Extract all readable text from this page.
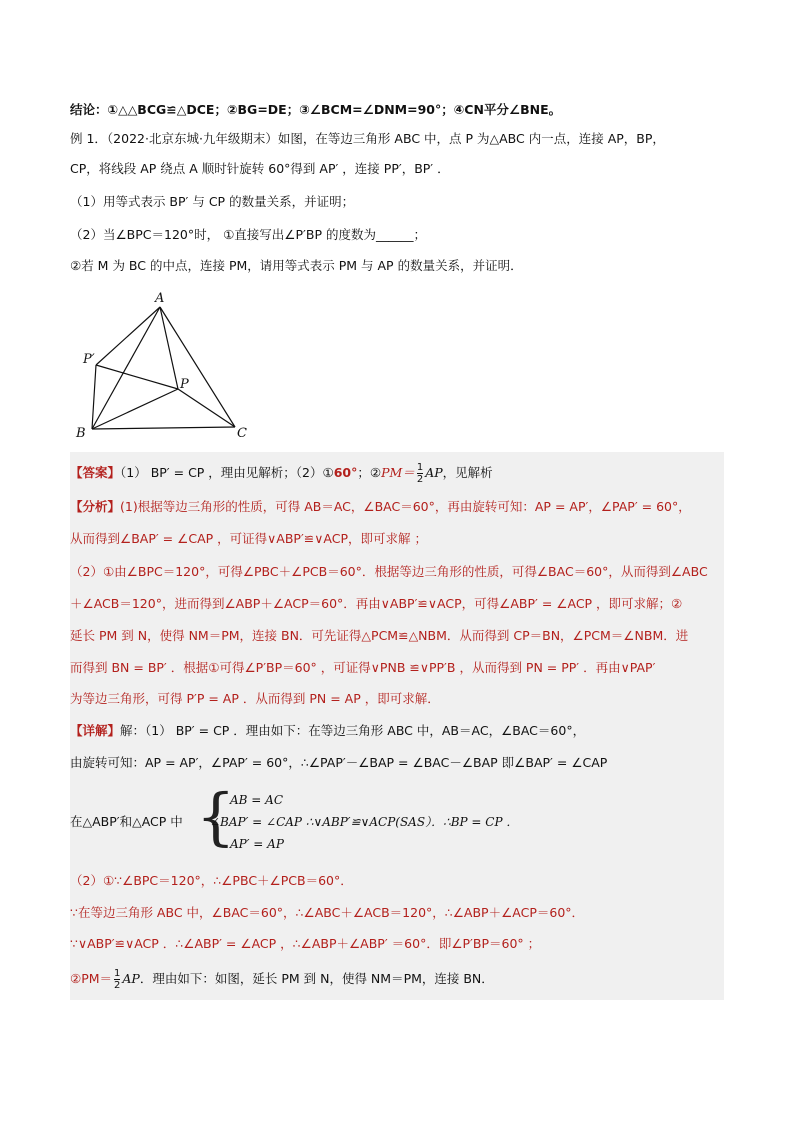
结论：①△△BCG≌△DCE；②BG=DE；③∠BCM=∠DNM=90°；④CN平分∠BNE。
例 1．（2022·北京东城·九年级期末）如图，在等边三角形 ABC 中，点 P 为△ABC 内一点，连接 AP，BP，
CP，将线段 AP 绕点 A 顺时针旋转 60°得到 AP′ ，连接 PP′，BP′ ．
（1）用等式表示 BP′ 与 CP 的数量关系，并证明；
（2）当∠BPC＝120°时， ①直接写出∠P′BP 的度数为______；
②若 M 为 BC 的中点，连接 PM，请用等式表示 PM 与 AP 的数量关系，并证明．
A
P′
P
B	C
【答案】（1） BP′ = CP ，理由见解析；（2）①60°；②PM＝ $\frac{1}{2}$ AP，见解析
【分析】(1)根据等边三角形的性质，可得 AB＝AC，∠BAC＝60°，再由旋转可知：AP = AP′，∠PAP′ = 60°，
从而得到∠BAP′ = ∠CAP ，可证得∨ABP′≌∨ACP，即可求解 ；
（2）①由∠BPC＝120°，可得∠PBC＋∠PCB＝60°．根据等边三角形的性质，可得∠BAC＝60°，从而得到∠ABC
＋∠ACB＝120°，进而得到∠ABP＋∠ACP＝60°．再由∨ABP′≌∨ACP，可得∠ABP′ = ∠ACP ，即可求解；②
延长 PM 到 N，使得 NM＝PM，连接 BN．可先证得△PCM≌△NBM．从而得到 CP＝BN，∠PCM＝∠NBM．进
而得到 BN = BP′ ．根据①可得∠P′BP＝60° ，可证得∨PNB ≌∨PP′B ，从而得到 PN = PP′ ．再由∨PAP′
为等边三角形，可得 P′P = AP ．从而得到 PN = AP ，即可求解．
【详解】解：（1） BP′ = CP ．理由如下：在等边三角形 ABC 中，AB＝AC，∠BAC＝60°，
由旋转可知：AP = AP′，∠PAP′ = 60°，∴∠PAP′－∠BAP = ∠BAC－∠BAP 即∠BAP′ = ∠CAP
在△ABP′和△ACP 中 {
AB = AC
∠BAP′ = ∠CAP ∴∨ABP′≌∨ACP(SAS）．∴BP = CP ．
AP′ = AP
（2）①∵∠BPC＝120°，∴∠PBC＋∠PCB＝60°．
∵在等边三角形 ABC 中，∠BAC＝60°，∴∠ABC＋∠ACB＝120°，∴∠ABP＋∠ACP＝60°．
∵∨ABP′≌∨ACP ．∴∠ABP′ = ∠ACP ，∴∠ABP＋∠ABP′ ＝60°．即∠P′BP＝60° ；
②PM＝ $\frac{1}{2}$ AP．理由如下：如图，延长 PM 到 N，使得 NM＝PM，连接 BN．
